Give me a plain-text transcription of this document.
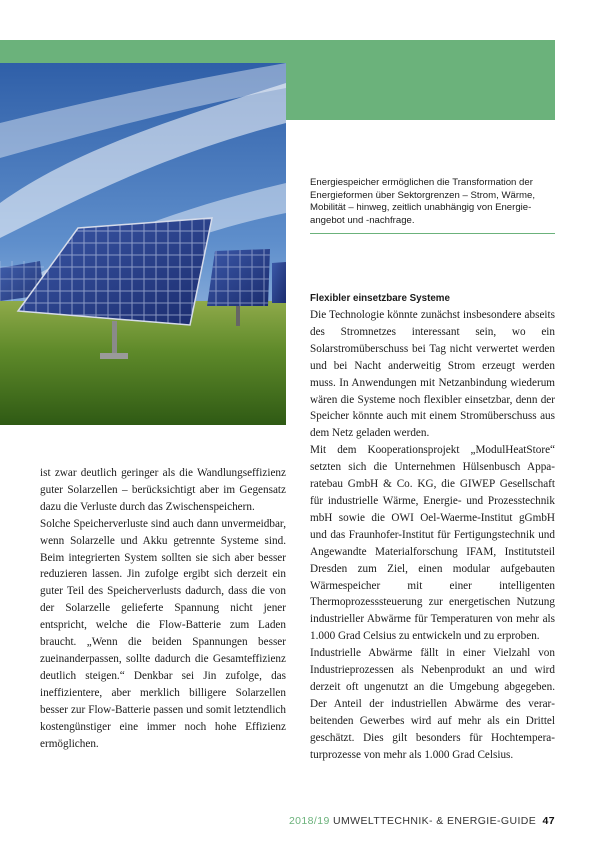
Energiespeicher ermöglichen die Transformation der Energieformen über Sektorgrenzen – Strom, Wärme, Mobilität – hinweg, zeitlich unabhängig von Energieangebot und -nachfrage.

ist zwar deutlich geringer als die Wandlungseffizienz guter Solarzellen – berücksichtigt aber im Gegensatz dazu die Verluste durch das Zwischenspeichern.

Solche Speicherverluste sind auch dann unvermeidbar, wenn Solarzelle und Akku getrennte Systeme sind. Beim integrierten System sollten sie sich aber besser reduzieren lassen. Jin zufolge ergibt sich derzeit ein guter Teil des Speicherverlusts dadurch, dass die von der Solarzelle gelieferte Spannung nicht jener entspricht, welche die Flow-Batterie zum Laden braucht. „Wenn die beiden Spannungen besser zueinanderpassen, sollte dadurch die Gesamteffizienz deutlich steigen.“ Denkbar sei Jin zufolge, das ineffizientere, aber merklich billigere Solarzellen besser zur Flow-Batterie passen und somit letztendlich kostengünstiger eine immer noch hohe Effizienz ermöglichen.

Flexibler einsetzbare Systeme

Die Technologie könnte zunächst insbesondere abseits des Stromnetzes interessant sein, wo ein Solarstromüberschuss bei Tag nicht verwertet werden und bei Nacht anderweitig Strom erzeugt werden muss. In Anwendungen mit Netzanbindung wiederum wären die Systeme noch flexibler einsetzbar, denn der Speicher könnte auch mit einem Stromüberschuss aus dem Netz geladen werden.

Mit dem Kooperationsprojekt „ModulHeatStore“ setzten sich die Unternehmen Hülsenbusch Apparatebau GmbH & Co. KG, die GIWEP Gesellschaft für industrielle Wärme, Energie- und Prozesstechnik mbH sowie die OWI Oel-Waerme-Institut gGmbH und das Fraunhofer-Institut für Fertigungstechnik und Angewandte Materialforschung IFAM, Institutsteil Dresden zum Ziel, einen modular aufgebauten Wärmespeicher mit einer intelligenten Thermoprozesssteuerung zur energetischen Nutzung industrieller Abwärme für Temperaturen von mehr als 1.000 Grad Celsius zu entwickeln und zu erproben.

Industrielle Abwärme fällt in einer Vielzahl von Industrieprozessen als Nebenprodukt an und wird derzeit oft ungenutzt an die Umgebung abgegeben. Der Anteil der industriellen Abwärme des verarbeitenden Gewerbes wird auf mehr als ein Drittel geschätzt. Dies gilt besonders für Hochtemperaturprozesse von mehr als 1.000 Grad Celsius.

2018/19 UMWELTTECHNIK- & ENERGIE-GUIDE 47
